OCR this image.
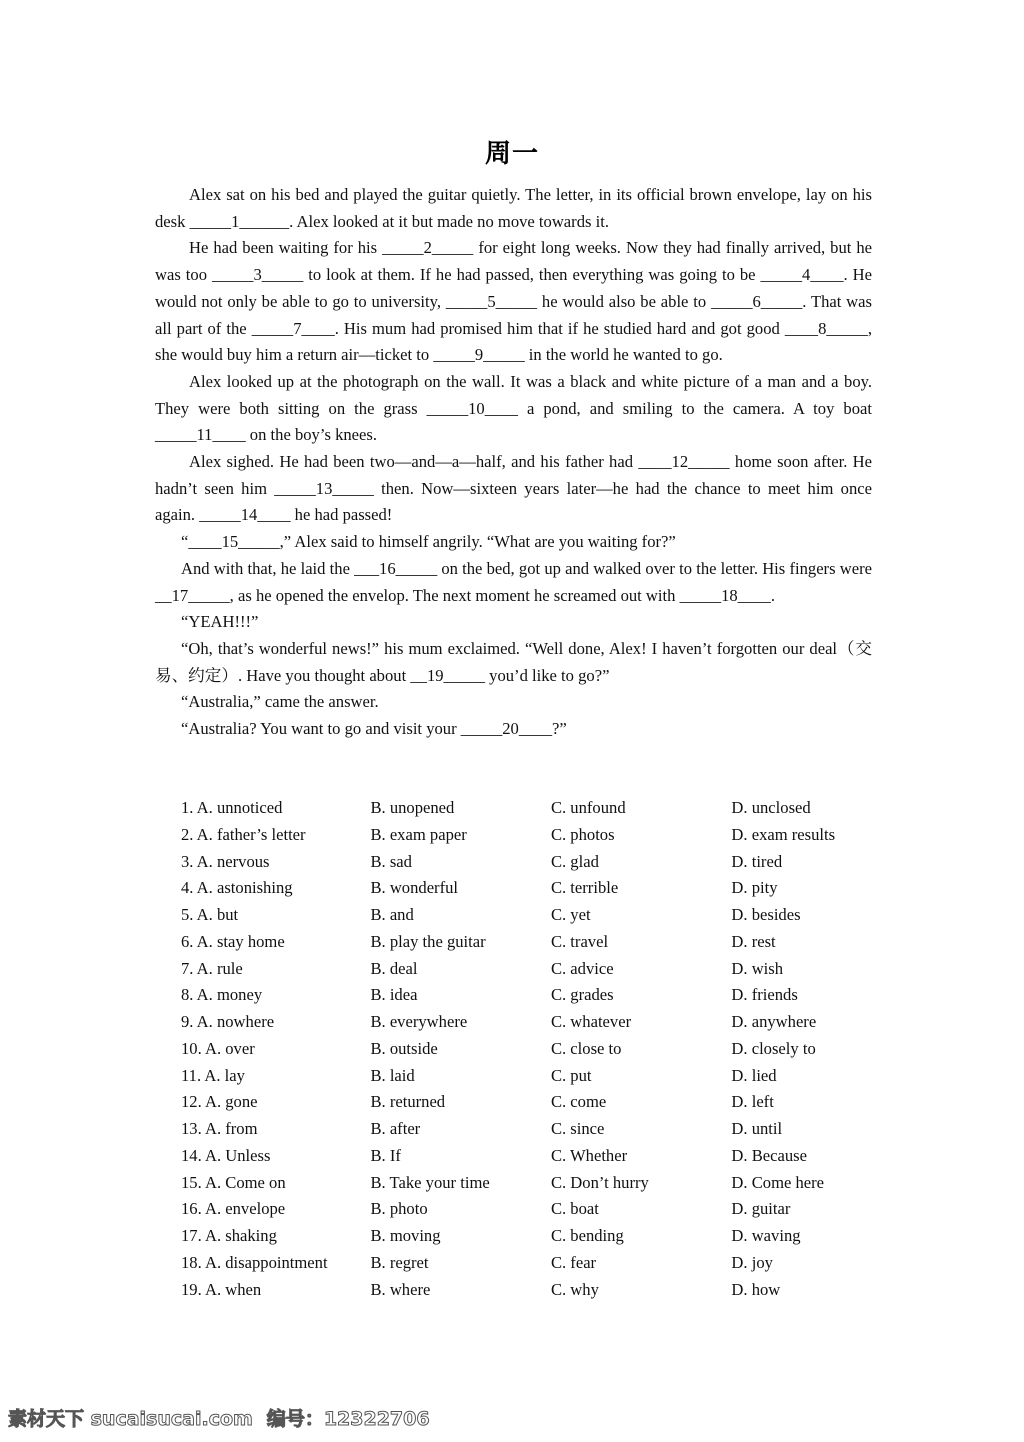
周一

Alex sat on his bed and played the guitar quietly. The letter, in its official brown envelope, lay on his desk _____1______. Alex looked at it but made no move towards it.

He had been waiting for his _____2_____ for eight long weeks. Now they had finally arrived, but he was too _____3_____ to look at them. If he had passed, then everything was going to be _____4____. He would not only be able to go to university, _____5_____ he would also be able to _____6_____. That was all part of the _____7____. His mum had promised him that if he studied hard and got good ____8_____, she would buy him a return air—ticket to _____9_____ in the world he wanted to go.

Alex looked up at the photograph on the wall. It was a black and white picture of a man and a boy. They were both sitting on the grass _____10____ a pond, and smiling to the camera. A toy boat _____11____ on the boy’s knees.

Alex sighed. He had been two—and—a—half, and his father had ____12_____ home soon after. He hadn’t seen him _____13_____ then. Now—sixteen years later—he had the chance to meet him once again. _____14____ he had passed!

“____15_____,” Alex said to himself angrily. “What are you waiting for?”

And with that, he laid the ___16_____ on the bed, got up and walked over to the letter. His fingers were __17_____, as he opened the envelop. The next moment he screamed out with _____18____.

“YEAH!!!”

“Oh, that’s wonderful news!” his mum exclaimed. “Well done, Alex! I haven’t forgotten our deal（交易、约定）. Have you thought about __19_____ you’d like to go?”

“Australia,” came the answer.

“Australia? You want to go and visit your _____20____?”

1. A. unnoticed	B. unopened	C. unfound	D. unclosed
2. A. father’s letter	B. exam paper	C. photos	D. exam results
3. A. nervous	B. sad	C. glad	D. tired
4. A. astonishing	B. wonderful	C. terrible	D. pity
5. A. but	B. and	C. yet	D. besides
6. A. stay home	B. play the guitar	C. travel	D. rest
7. A. rule	B. deal	C. advice	D. wish
8. A. money	B. idea	C. grades	D. friends
9. A. nowhere	B. everywhere	C. whatever	D. anywhere
10. A. over	B. outside	C. close to	D. closely to
11. A. lay	B. laid	C. put	D. lied
12. A. gone	B. returned	C. come	D. left
13. A. from	B. after	C. since	D. until
14. A. Unless	B. If	C. Whether	D. Because
15. A. Come on	B. Take your time	C. Don’t hurry	D. Come here
16. A. envelope	B. photo	C. boat	D. guitar
17. A. shaking	B. moving	C. bending	D. waving
18. A. disappointment	B. regret	C. fear	D. joy
19. A. when	B. where	C. why	D. how
素材天下 sucaisucai.com 编号：12322706
